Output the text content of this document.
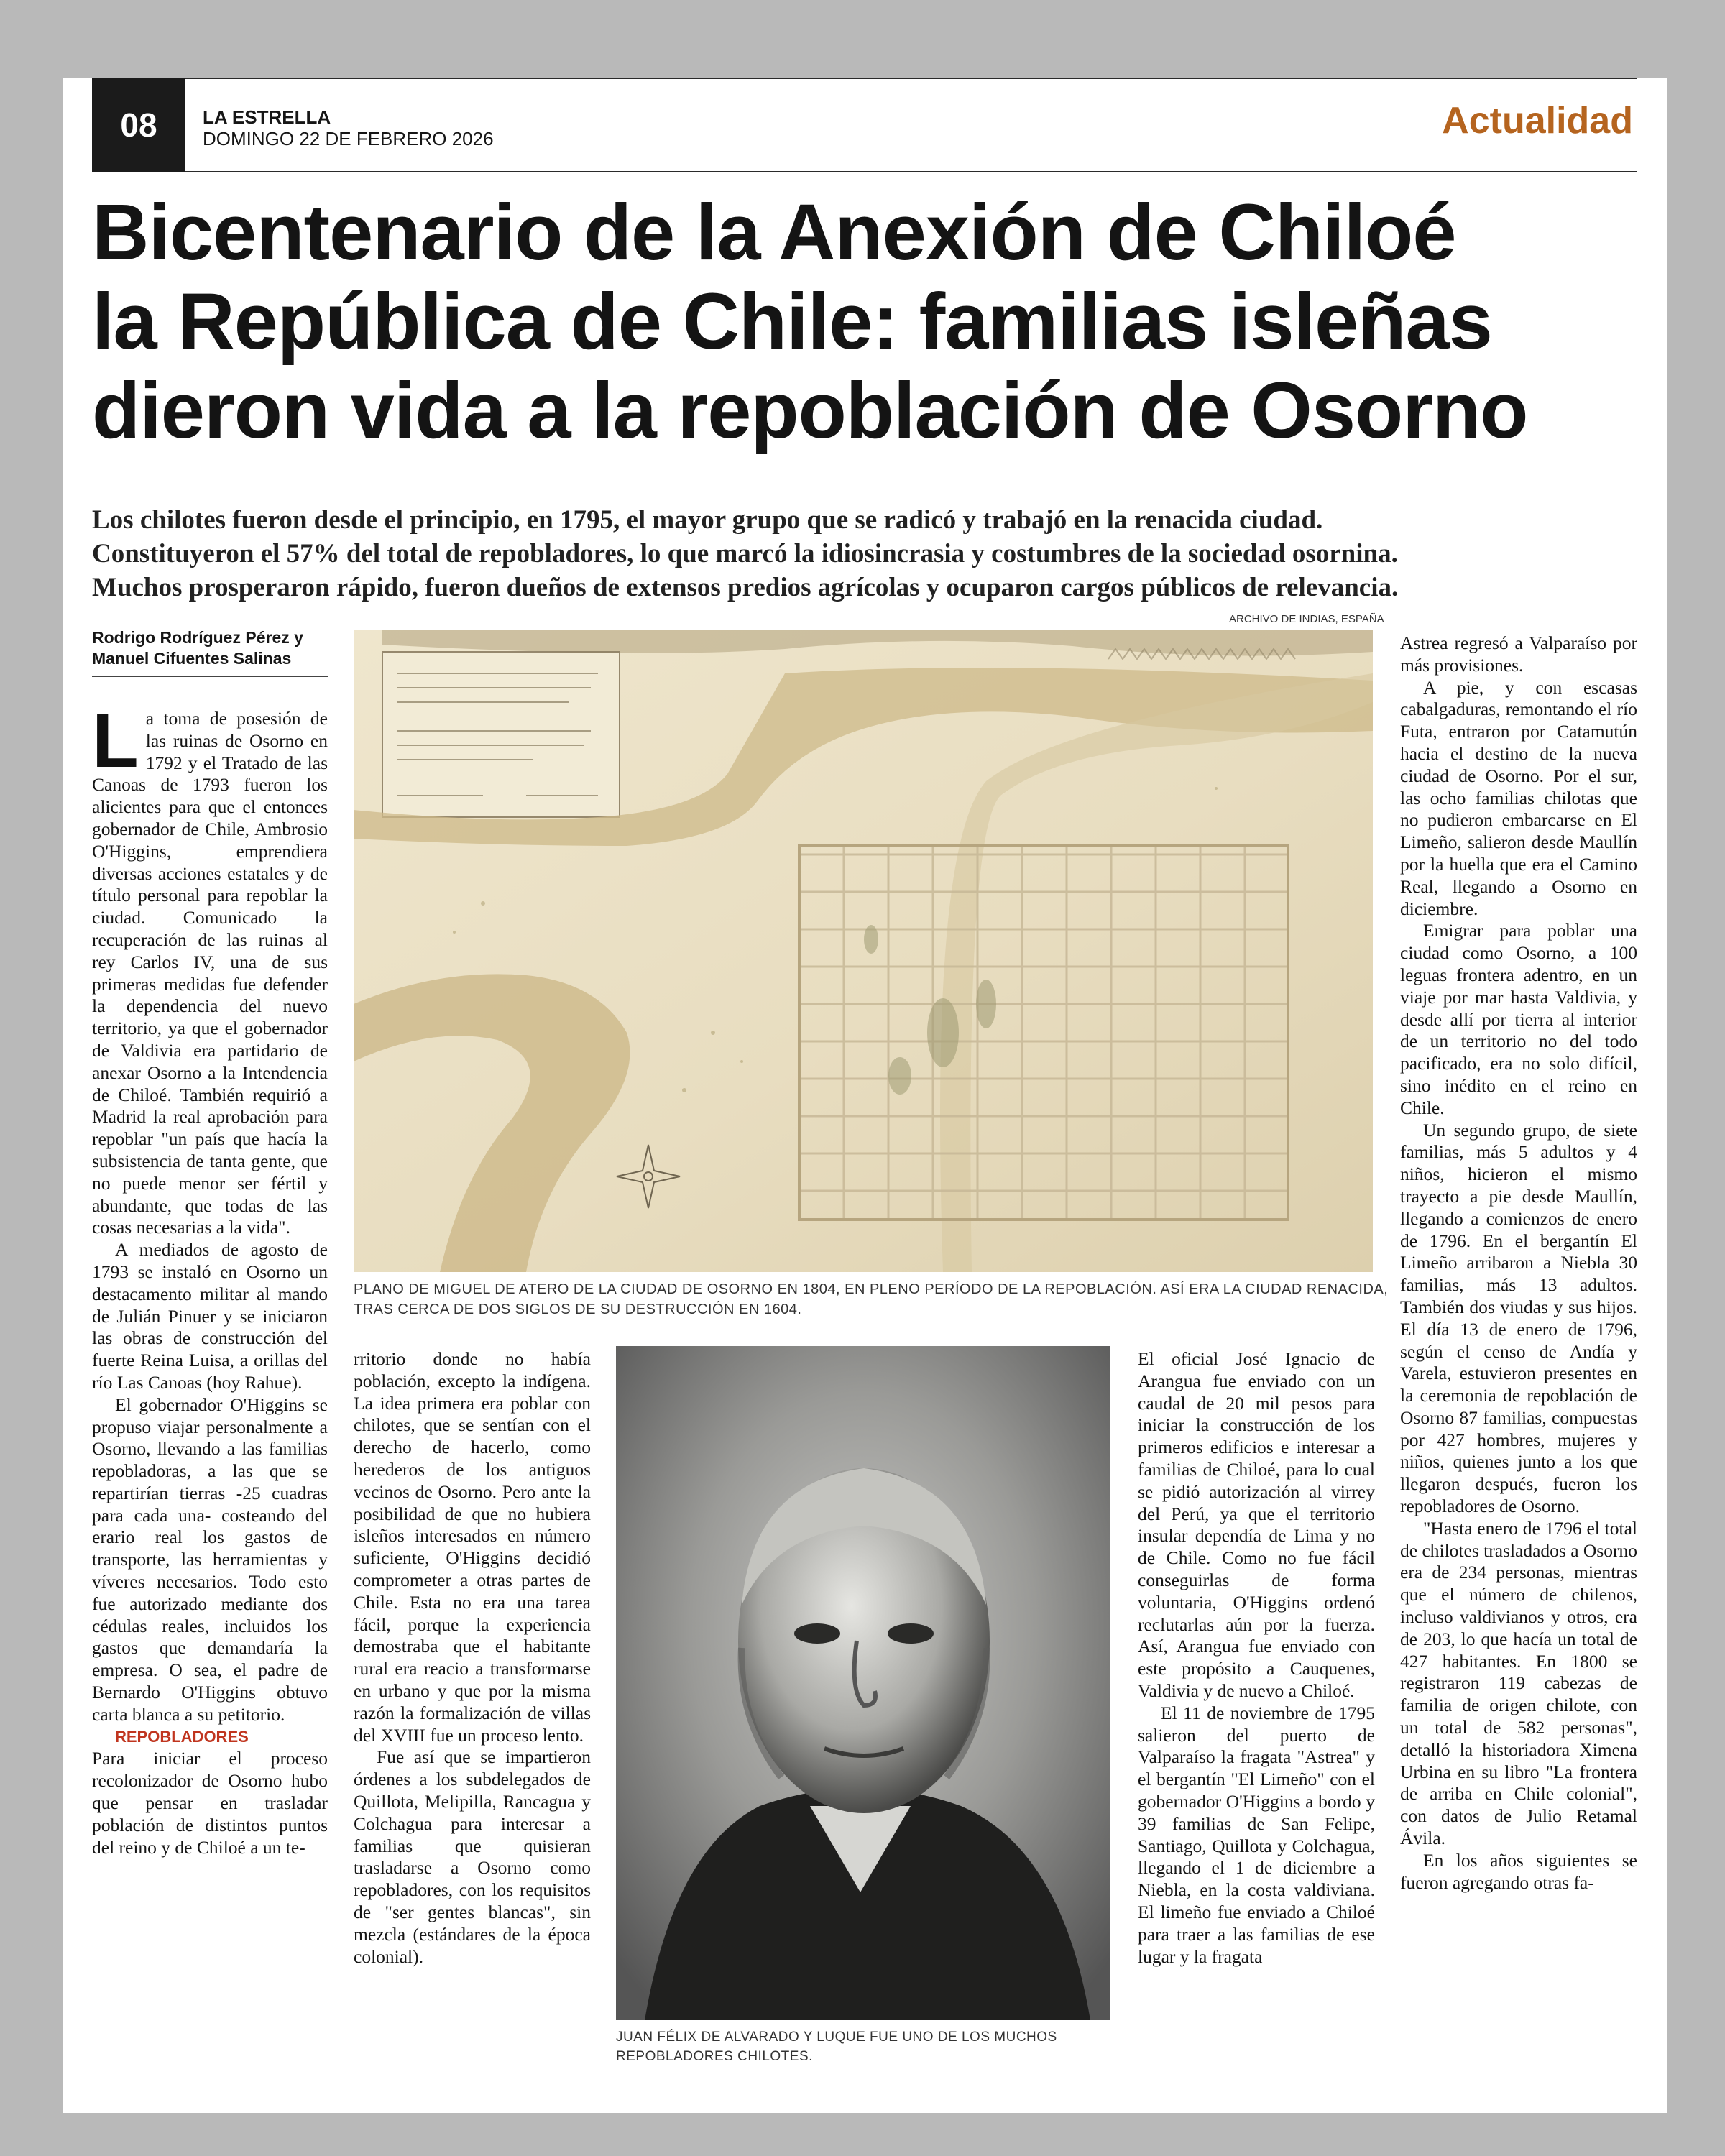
08	LA ESTRELLA
DOMINGO 22 DE FEBRERO 2026	Actualidad
Bicentenario de la Anexión de Chiloé
la República de Chile: familias isleñas
dieron vida a la repoblación de Osorno

Los chilotes fueron desde el principio, en 1795, el mayor grupo que se radicó y trabajó en la renacida ciudad.
Constituyeron el 57% del total de repobladores, lo que marcó la idiosincrasia y costumbres de la sociedad osornina.
Muchos prosperaron rápido, fueron dueños de extensos predios agrícolas y ocuparon cargos públicos de relevancia.

Rodrigo Rodríguez Pérez y
Manuel Cifuentes Salinas

La toma de posesión de las ruinas de Osorno en 1792 y el Tratado de las Canoas de 1793 fueron los alicientes para que el entonces gobernador de Chile, Ambrosio O'Higgins, emprendiera diversas acciones estatales y de título personal para repoblar la ciudad. Comunicado la recuperación de las ruinas al rey Carlos IV, una de sus primeras medidas fue defender la dependencia del nuevo territorio, ya que el gobernador de Valdivia era partidario de anexar Osorno a la Intendencia de Chiloé. También requirió a Madrid la real aprobación para repoblar "un país que hacía la subsistencia de tanta gente, que no puede menor ser fértil y abundante, que todas de las cosas necesarias a la vida".

A mediados de agosto de 1793 se instaló en Osorno un destacamento militar al mando de Julián Pinuer y se iniciaron las obras de construcción del fuerte Reina Luisa, a orillas del río Las Canoas (hoy Rahue).

El gobernador O'Higgins se propuso viajar personalmente a Osorno, llevando a las familias repobladoras, a las que se repartirían tierras -25 cuadras para cada una- costeando del erario real los gastos de transporte, las herramientas y víveres necesarios. Todo esto fue autorizado mediante dos cédulas reales, incluidos los gastos que demandaría la empresa. O sea, el padre de Bernardo O'Higgins obtuvo carta blanca a su petitorio.

REPOBLADORES

Para iniciar el proceso recolonizador de Osorno hubo que pensar en trasladar población de distintos puntos del reino y de Chiloé a un te-

ARCHIVO DE INDIAS, ESPAÑA
PLANO DE MIGUEL DE ATERO DE LA CIUDAD DE OSORNO EN 1804, EN PLENO PERÍODO DE LA REPOBLACIÓN. ASÍ ERA LA CIUDAD RENACIDA,
TRAS CERCA DE DOS SIGLOS DE SU DESTRUCCIÓN EN 1604.

rritorio donde no había población, excepto la indígena. La idea primera era poblar con chilotes, que se sentían con el derecho de hacerlo, como herederos de los antiguos vecinos de Osorno. Pero ante la posibilidad de que no hubiera isleños interesados en número suficiente, O'Higgins decidió comprometer a otras partes de Chile. Esta no era una tarea fácil, porque la experiencia demostraba que el habitante rural era reacio a transformarse en urbano y que por la misma razón la formalización de villas del XVIII fue un proceso lento.

Fue así que se impartieron órdenes a los subdelegados de Quillota, Melipilla, Rancagua y Colchagua para interesar a familias que quisieran trasladarse a Osorno como repobladores, con los requisitos de "ser gentes blancas", sin mezcla (estándares de la época colonial).

JUAN FÉLIX DE ALVARADO Y LUQUE FUE UNO DE LOS MUCHOS
REPOBLADORES CHILOTES.

El oficial José Ignacio de Arangua fue enviado con un caudal de 20 mil pesos para iniciar la construcción de los primeros edificios e interesar a familias de Chiloé, para lo cual se pidió autorización al virrey del Perú, ya que el territorio insular dependía de Lima y no de Chile. Como no fue fácil conseguirlas de forma voluntaria, O'Higgins ordenó reclutarlas aún por la fuerza. Así, Arangua fue enviado con este propósito a Cauquenes, Valdivia y de nuevo a Chiloé.

El 11 de noviembre de 1795 salieron del puerto de Valparaíso la fragata "Astrea" y el bergantín "El Limeño" con el gobernador O'Higgins a bordo y 39 familias de San Felipe, Santiago, Quillota y Colchagua, llegando el 1 de diciembre a Niebla, en la costa valdiviana. El limeño fue enviado a Chiloé para traer a las familias de ese lugar y la fragata

Astrea regresó a Valparaíso por más provisiones.

A pie, y con escasas cabalgaduras, remontando el río Futa, entraron por Catamutún hacia el destino de la nueva ciudad de Osorno. Por el sur, las ocho familias chilotas que no pudieron embarcarse en El Limeño, salieron desde Maullín por la huella que era el Camino Real, llegando a Osorno en diciembre.

Emigrar para poblar una ciudad como Osorno, a 100 leguas frontera adentro, en un viaje por mar hasta Valdivia, y desde allí por tierra al interior de un territorio no del todo pacificado, era no solo difícil, sino inédito en el reino en Chile.

Un segundo grupo, de siete familias, más 5 adultos y 4 niños, hicieron el mismo trayecto a pie desde Maullín, llegando a comienzos de enero de 1796. En el bergantín El Limeño arribaron a Niebla 30 familias, más 13 adultos. También dos viudas y sus hijos. El día 13 de enero de 1796, según el censo de Andía y Varela, estuvieron presentes en la ceremonia de repoblación de Osorno 87 familias, compuestas por 427 hombres, mujeres y niños, quienes junto a los que llegaron después, fueron los repobladores de Osorno.

"Hasta enero de 1796 el total de chilotes trasladados a Osorno era de 234 personas, mientras que el número de chilenos, incluso valdivianos y otros, era de 203, lo que hacía un total de 427 habitantes. En 1800 se registraron 119 cabezas de familia de origen chilote, con un total de 582 personas", detalló la historiadora Ximena Urbina en su libro "La frontera de arriba en Chile colonial", con datos de Julio Retamal Ávila.

En los años siguientes se fueron agregando otras fa-
